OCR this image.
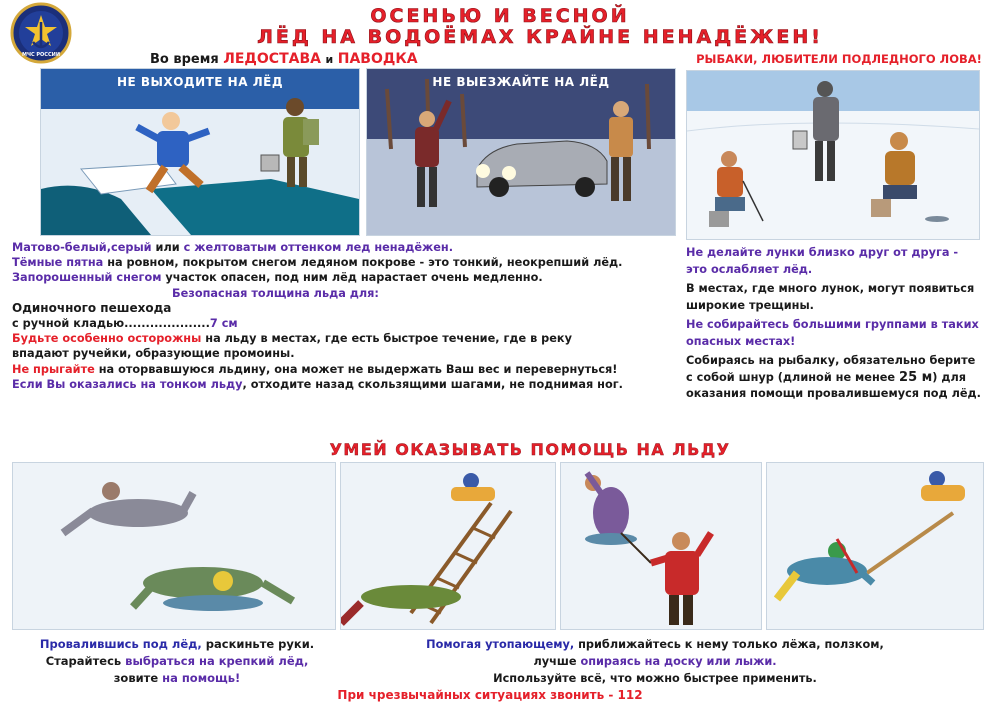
МЧС РОССИИ
ОСЕНЬЮ И ВЕСНОЙ
ЛЁД НА ВОДОЁМАХ КРАЙНЕ НЕНАДЁЖЕН!
Во время ЛЕДОСТАВА и ПАВОДКА
НЕ ВЫХОДИТЕ НА ЛЁД	НЕ ВЫЕЗЖАЙТЕ НА ЛЁД
РЫБАКИ, ЛЮБИТЕЛИ ПОДЛЕДНОГО ЛОВА!

Матово-белый,серый или с желтоватым оттенком лед ненадёжен.

Тёмные пятна на ровном, покрытом снегом ледяном покрове - это тонкий, неокрепший лёд.

Запорошенный снегом участок опасен, под ним лёд нарастает очень медленно.

Безопасная толщина льда для:

Одиночного пешехода

с ручной кладью....................7 см

Будьте особенно осторожны на льду в местах, где есть быстрое течение, где в реку впадают ручейки, образующие промоины.

Не прыгайте на оторвавшуюся льдину, она может не выдержать Ваш вес и перевернуться!

Если Вы оказались на тонком льду, отходите назад скользящими шагами, не поднимая ног.

Не делайте лунки близко друг от друга - это ослабляет лёд.

В местах, где много лунок, могут появиться широкие трещины.

Не собирайтесь большими группами в таких опасных местах!

Собираясь на рыбалку, обязательно берите с собой шнур (длиной не менее 25 м) для оказания помощи провалившемуся под лёд.

УМЕЙ ОКАЗЫВАТЬ ПОМОЩЬ НА ЛЬДУ
Провалившись под лёд, раскиньте руки.
Старайтесь выбраться на крепкий лёд,
зовите на помощь!
Помогая утопающему, приближайтесь к нему только лёжа, ползком,
лучше опираясь на доску или лыжи.
Используйте всё, что можно быстрее применить.
При чрезвычайных ситуациях звонить - 112
